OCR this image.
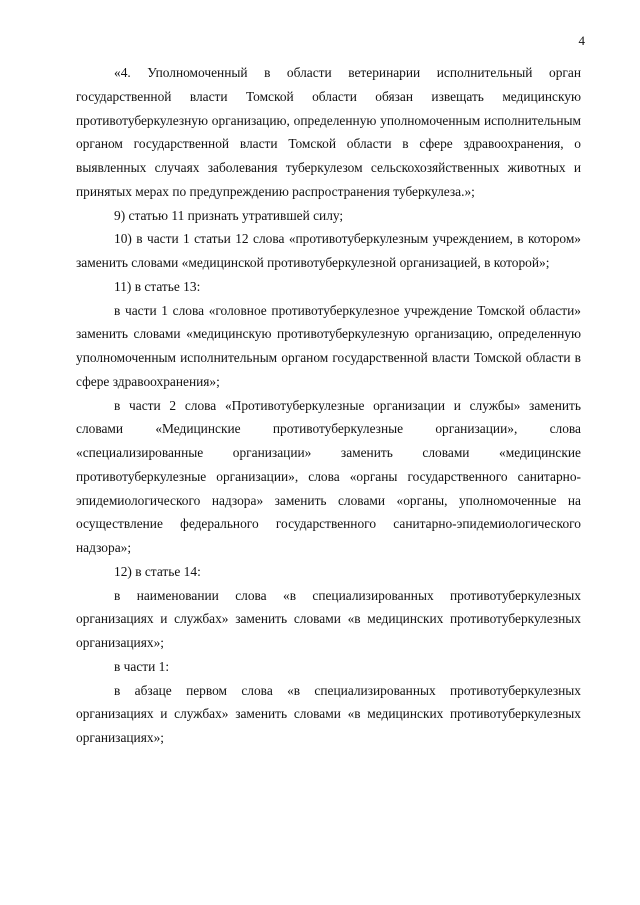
4

«4. Уполномоченный в области ветеринарии исполнительный орган государственной власти Томской области обязан извещать медицинскую противотуберкулезную организацию, определенную уполномоченным исполнительным органом государственной власти Томской области в сфере здравоохранения, о выявленных случаях заболевания туберкулезом сельскохозяйственных животных и принятых мерах по предупреждению распространения туберкулеза.»;

9) статью 11 признать утратившей силу;

10) в части 1 статьи 12 слова «противотуберкулезным учреждением, в котором» заменить словами «медицинской противотуберкулезной организацией, в которой»;

11) в статье 13:

в части 1 слова «головное противотуберкулезное учреждение Томской области» заменить словами «медицинскую противотуберкулезную организацию, определенную уполномоченным исполнительным органом государственной власти Томской области в сфере здравоохранения»;

в части 2 слова «Противотуберкулезные организации и службы» заменить словами «Медицинские противотуберкулезные организации», слова «специализированные организации» заменить словами «медицинские противотуберкулезные организации», слова «органы государственного санитарно-эпидемиологического надзора» заменить словами «органы, уполномоченные на осуществление федерального государственного санитарно-эпидемиологического надзора»;

12) в статье 14:

в наименовании слова «в специализированных противотуберкулезных организациях и службах» заменить словами «в медицинских противотуберкулезных организациях»;

в части 1:

в абзаце первом слова «в специализированных противотуберкулезных организациях и службах» заменить словами «в медицинских противотуберкулезных организациях»;
